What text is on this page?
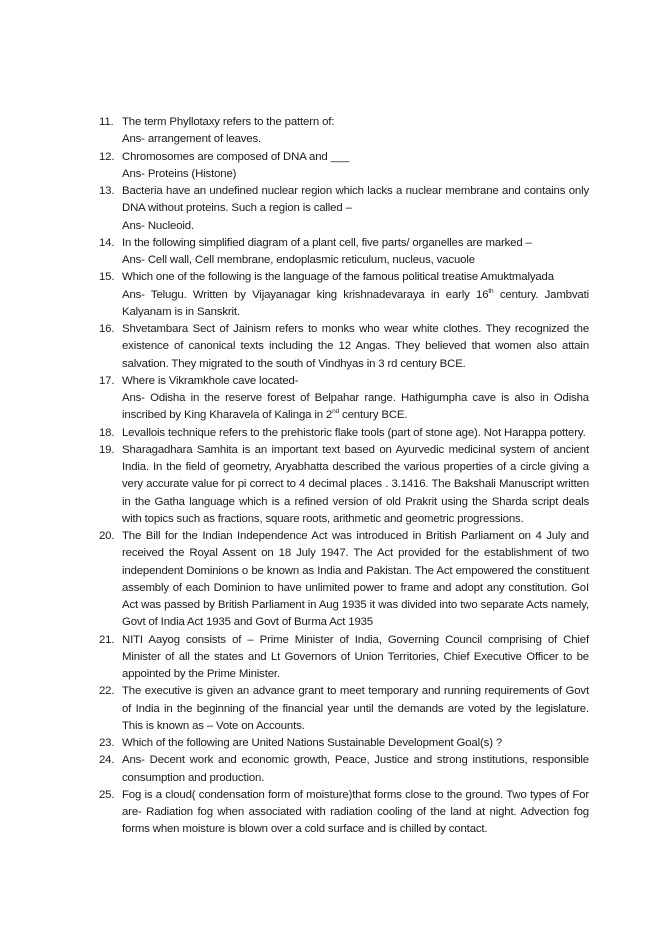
11. The term Phyllotaxy refers to the pattern of:
Ans- arrangement of leaves.
12. Chromosomes are composed of DNA and ___
Ans- Proteins (Histone)
13. Bacteria have an undefined nuclear region which lacks a nuclear membrane and contains only DNA without proteins. Such a region is called –
Ans- Nucleoid.
14. In the following simplified diagram of a plant cell, five parts/ organelles are marked –
Ans- Cell wall, Cell membrane, endoplasmic reticulum, nucleus, vacuole
15. Which one of the following is the language of the famous political treatise Amuktmalyada
Ans- Telugu. Written by Vijayanagar king krishnadevaraya in early 16th century. Jambvati Kalyanam is in Sanskrit.
16. Shvetambara Sect of Jainism refers to monks who wear white clothes. They recognized the existence of canonical texts including the 12 Angas. They believed that women also attain salvation. They migrated to the south of Vindhyas in 3 rd century BCE.
17. Where is Vikramkhole cave located-
Ans- Odisha in the reserve forest of Belpahar range. Hathigumpha cave is also in Odisha inscribed by King Kharavela of Kalinga in 2nd century BCE.
18. Levallois technique refers to the prehistoric flake tools (part of stone age). Not Harappa pottery.
19. Sharagadhara Samhita is an important text based on Ayurvedic medicinal system of ancient India. In the field of geometry, Aryabhatta described the various properties of a circle giving a very accurate value for pi correct to 4 decimal places . 3.1416. The Bakshali Manuscript written in the Gatha language which is a refined version of old Prakrit using the Sharda script deals with topics such as fractions, square roots, arithmetic and geometric progressions.
20. The Bill for the Indian Independence Act was introduced in British Parliament on 4 July and received the Royal Assent on 18 July 1947. The Act provided for the establishment of two independent Dominions o be known as India and Pakistan. The Act empowered the constituent assembly of each Dominion to have unlimited power to frame and adopt any constitution. GoI Act was passed by British Parliament in Aug 1935 it was divided into two separate Acts namely, Govt of India Act 1935 and Govt of Burma Act 1935
21. NITI Aayog consists of – Prime Minister of India, Governing Council comprising of Chief Minister of all the states and Lt Governors of Union Territories, Chief Executive Officer to be appointed by the Prime Minister.
22. The executive is given an advance grant to meet temporary and running requirements of Govt of India in the beginning of the financial year until the demands are voted by the legislature. This is known as – Vote on Accounts.
23. Which of the following are United Nations Sustainable Development Goal(s) ?
24. Ans- Decent work and economic growth, Peace, Justice and strong institutions, responsible consumption and production.
25. Fog is a cloud( condensation form of moisture)that forms close to the ground. Two types of For are- Radiation fog when associated with radiation cooling of the land at night. Advection fog forms when moisture is blown over a cold surface and is chilled by contact.
